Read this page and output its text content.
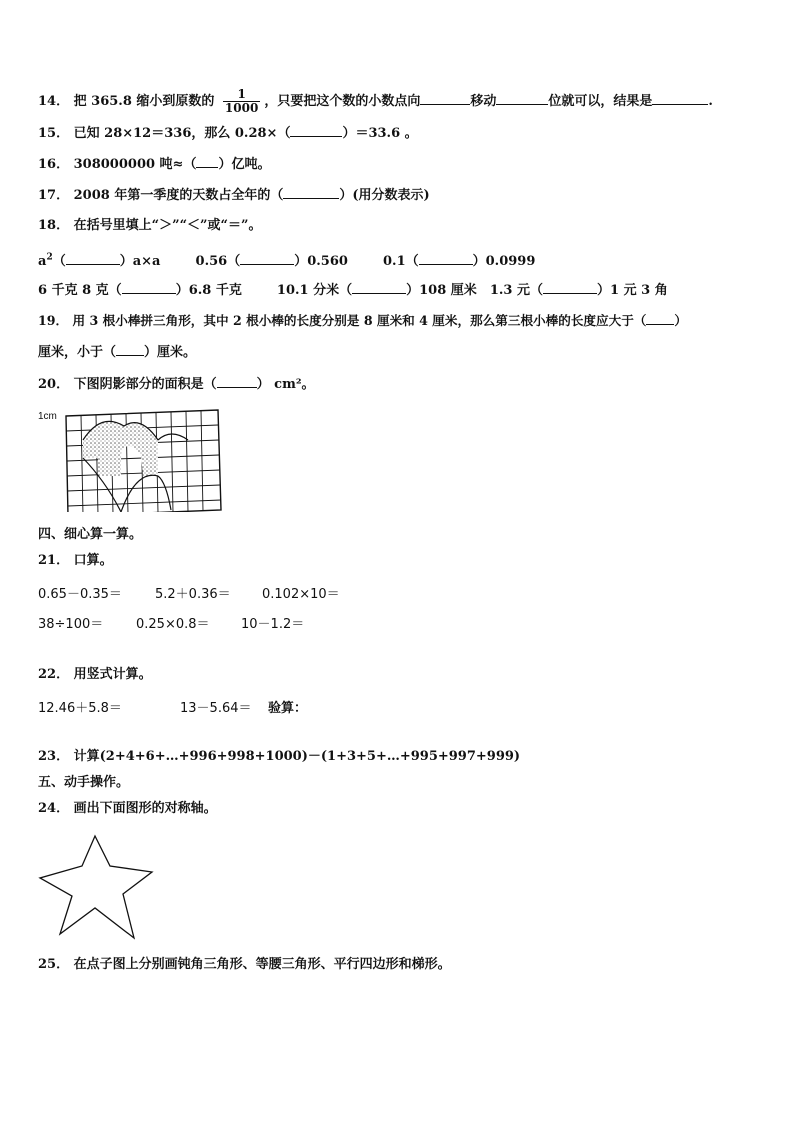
14． 把 365.8 缩小到原数的 $\frac{1}{1000}$ ，只要把这个数的小数点向	移动	位就可以，结果是	.
15． 已知 28×12＝336，那么 0.28×（	）＝33.6 。
16． 308000000 吨≈（ ）亿吨。
17． 2008 年第一季度的天数占全年的（	）(用分数表示)
18． 在括号里填上“＞”“＜”或“＝”。
$a^2$（	）a×a	0.56（	）0.560	0.1（	）0.0999
6 千克 8 克（	）6.8 千克	10.1 分米（	）108 厘米 1.3 元（	）1 元 3 角
19． 用 3 根小棒拼三角形，其中 2 根小棒的长度分别是 8 厘米和 4 厘米，那么第三根小棒的长度应大于（ ）
厘米，小于（ ）厘米。
20． 下图阴影部分的面积是（	） cm²。
1cm
四、细心算一算。
21． 口算。
0.65－0.35＝	5.2＋0.36＝ 0.102×10＝
38÷100＝	0.25×0.8＝ 10－1.2＝
22． 用竖式计算。
12.46＋5.8＝	13－5.64＝ 验算：
23． 计算(2+4+6+…+996+998+1000)－(1+3+5+…+995+997+999)
五、动手操作。
24． 画出下面图形的对称轴。
25． 在点子图上分别画钝角三角形、等腰三角形、平行四边形和梯形。
